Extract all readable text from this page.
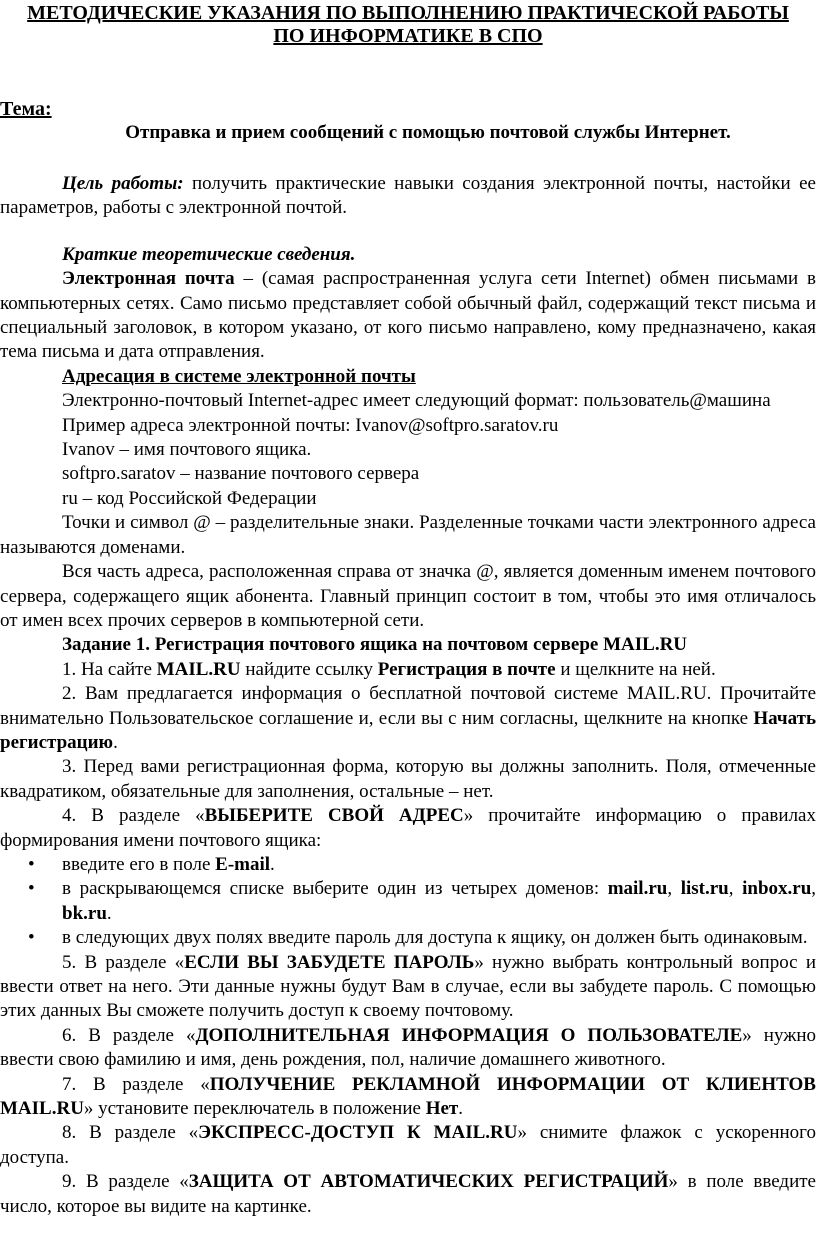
МЕТОДИЧЕСКИЕ УКАЗАНИЯ ПО ВЫПОЛНЕНИЮ ПРАКТИЧЕСКОЙ РАБОТЫ
ПО ИНФОРМАТИКЕ В СПО
Тема:
Отправка и прием сообщений с помощью почтовой службы Интернет.

Цель работы: получить практические навыки создания электронной почты, настойки ее параметров, работы с электронной почтой.

Краткие теоретические сведения.

Электронная почта – (самая распространенная услуга сети Internet) обмен письмами в компьютерных сетях. Само письмо представляет собой обычный файл, содержащий текст письма и специальный заголовок, в котором указано, от кого письмо направлено, кому предназначено, какая тема письма и дата отправления.

Адресация в системе электронной почты

Электронно-почтовый Internet-адрес имеет следующий формат: пользователь@машина

Пример адреса электронной почты: Ivanov@softpro.saratov.ru

Ivanov – имя почтового ящика.

softpro.saratov – название почтового сервера

ru – код Российской Федерации

Точки и символ @ – разделительные знаки. Разделенные точками части электронного адреса называются доменами.

Вся часть адреса, расположенная справа от значка @, является доменным именем почтового сервера, содержащего ящик абонента. Главный принцип состоит в том, чтобы это имя отличалось от имен всех прочих серверов в компьютерной сети.

Задание 1. Регистрация почтового ящика на почтовом сервере MAIL.RU

1. На сайте MAIL.RU найдите ссылку Регистрация в почте и щелкните на ней.

2. Вам предлагается информация о бесплатной почтовой системе MAIL.RU. Прочитайте внимательно Пользовательское соглашение и, если вы с ним согласны, щелкните на кнопке Начать регистрацию.

3. Перед вами регистрационная форма, которую вы должны заполнить. Поля, отмеченные квадратиком, обязательные для заполнения, остальные – нет.

4. В разделе «ВЫБЕРИТЕ СВОЙ АДРЕС» прочитайте информацию о правилах формирования имени почтового ящика:

• введите его в поле E-mail.
• в раскрывающемся списке выберите один из четырех доменов: mail.ru, list.ru, inbox.ru, bk.ru.
• в следующих двух полях введите пароль для доступа к ящику, он должен быть одинаковым.

5. В разделе «ЕСЛИ ВЫ ЗАБУДЕТЕ ПАРОЛЬ» нужно выбрать контрольный вопрос и ввести ответ на него. Эти данные нужны будут Вам в случае, если вы забудете пароль. С помощью этих данных Вы сможете получить доступ к своему почтовому.

6. В разделе «ДОПОЛНИТЕЛЬНАЯ ИНФОРМАЦИЯ О ПОЛЬЗОВАТЕЛЕ» нужно ввести свою фамилию и имя, день рождения, пол, наличие домашнего животного.

7. В разделе «ПОЛУЧЕНИЕ РЕКЛАМНОЙ ИНФОРМАЦИИ ОТ КЛИЕНТОВ MAIL.RU» установите переключатель в положение Нет.

8. В разделе «ЭКСПРЕСС-ДОСТУП К MAIL.RU» снимите флажок с ускоренного доступа.

9. В разделе «ЗАЩИТА ОТ АВТОМАТИЧЕСКИХ РЕГИСТРАЦИЙ» в поле введите число, которое вы видите на картинке.
